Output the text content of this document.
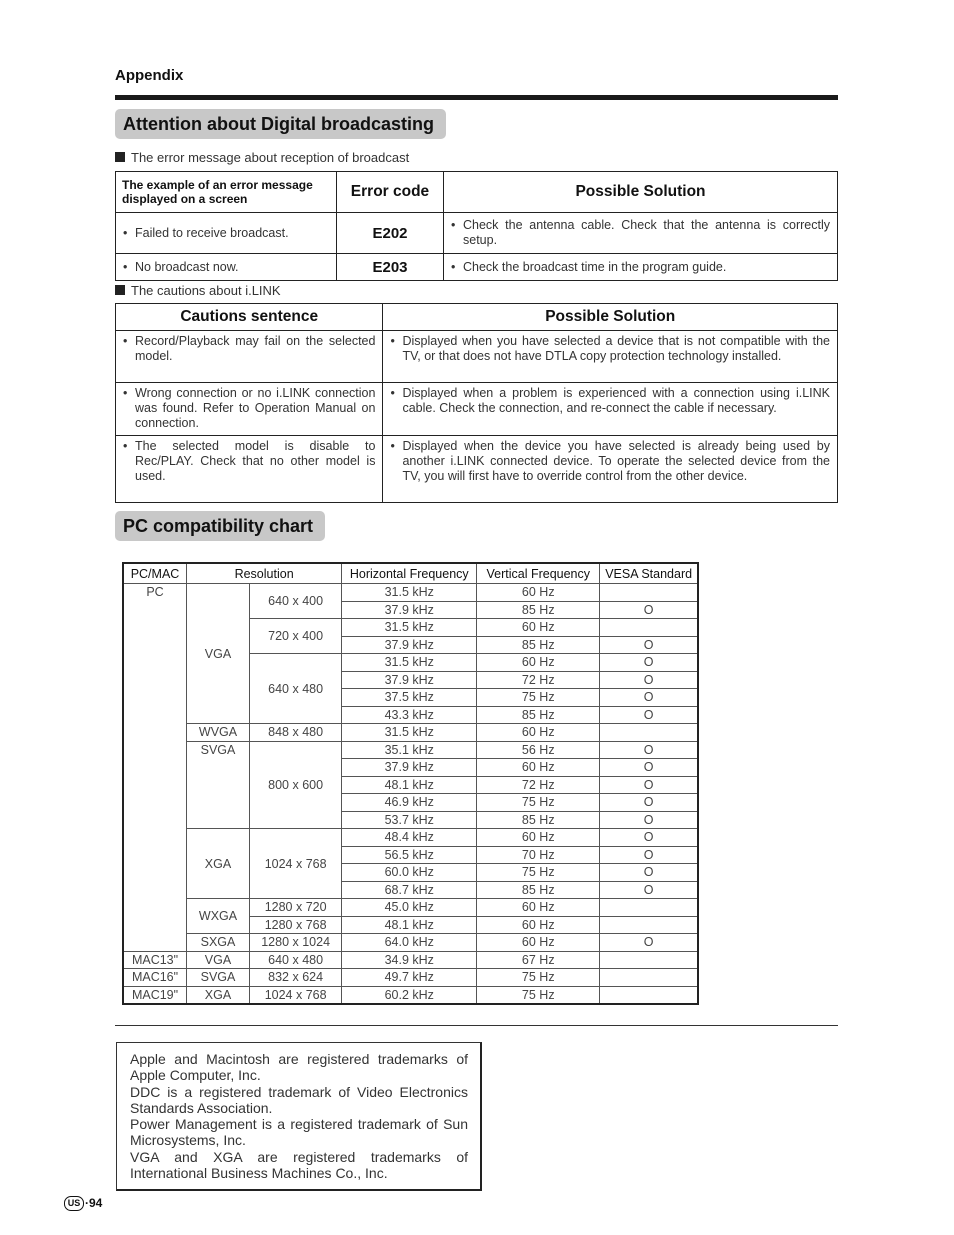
Appendix
Attention about Digital broadcasting
The error message about reception of broadcast
The example of an error message displayed on a screen	Error code	Possible Solution

• Failed to receive broadcast.	E202	• Check the antenna cable. Check that the antenna is correctly setup.

• No broadcast now.	E203	• Check the broadcast time in the program guide.
The cautions about i.LINK
Cautions sentence	Possible Solution

• Record/Playback may fail on the selected model.	• Displayed when you have selected a device that is not compatible with the TV, or that does not have DTLA copy protection technology installed.

• Wrong connection or no i.LINK connection was found. Refer to Operation Manual on connection.	• Displayed when a problem is experienced with a connection using i.LINK cable. Check the connection, and re-connect the cable if necessary.

• The selected model is disable to Rec/PLAY. Check that no other model is used.	• Displayed when the device you have selected is already being used by another i.LINK connected device. To operate the selected device from the TV, you will first have to override control from the other device.
PC compatibility chart
PC/MAC	Resolution		Horizontal Frequency	Vertical Frequency	VESA Standard
PC	VGA	640 x 400	31.5 kHz	60 Hz	
			37.9 kHz	85 Hz	O
		720 x 400	31.5 kHz	60 Hz	
			37.9 kHz	85 Hz	O
		640 x 480	31.5 kHz	60 Hz	O
			37.9 kHz	72 Hz	O
			37.5 kHz	75 Hz	O
			43.3 kHz	85 Hz	O
	WVGA	848 x 480	31.5 kHz	60 Hz	
	SVGA	800 x 600	35.1 kHz	56 Hz	O
			37.9 kHz	60 Hz	O
			48.1 kHz	72 Hz	O
			46.9 kHz	75 Hz	O
			53.7 kHz	85 Hz	O
	XGA	1024 x 768	48.4 kHz	60 Hz	O
			56.5 kHz	70 Hz	O
			60.0 kHz	75 Hz	O
			68.7 kHz	85 Hz	O
	WXGA	1280 x 720	45.0 kHz	60 Hz	
		1280 x 768	48.1 kHz	60 Hz	
	SXGA	1280 x 1024	64.0 kHz	60 Hz	O
MAC13"	VGA	640 x 480	34.9 kHz	67 Hz	
MAC16"	SVGA	832 x 624	49.7 kHz	75 Hz	
MAC19"	XGA	1024 x 768	60.2 kHz	75 Hz	

Apple and Macintosh are registered trademarks of Apple Computer, Inc.

DDC is a registered trademark of Video Electronics Standards Association.

Power Management is a registered trademark of Sun Microsystems, Inc.

VGA and XGA are registered trademarks of International Business Machines Co., Inc.

US ·94
